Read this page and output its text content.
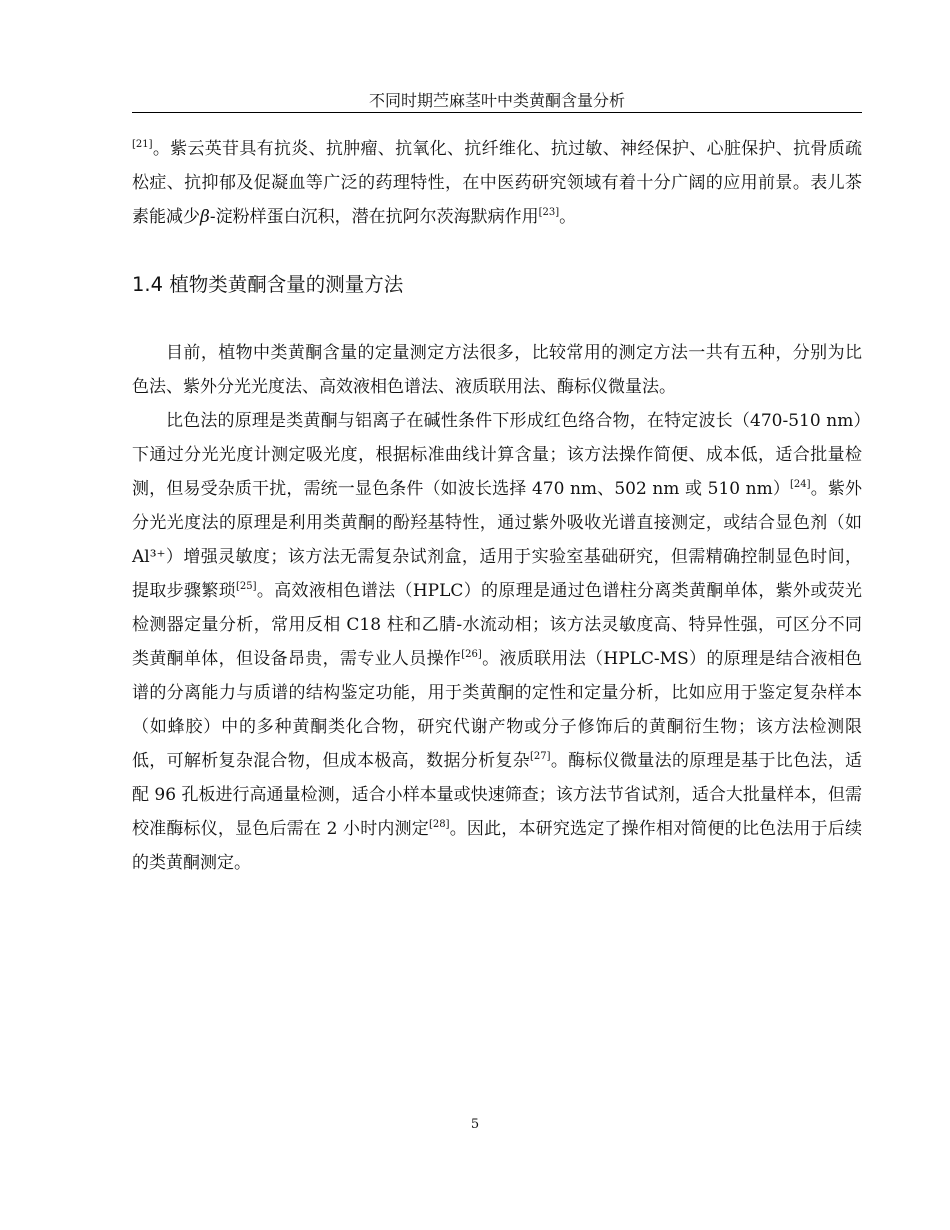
不同时期苎麻茎叶中类黄酮含量分析
[21]。紫云英苷具有抗炎、抗肿瘤、抗氧化、抗纤维化、抗过敏、神经保护、心脏保护、抗骨质疏松症、抗抑郁及促凝血等广泛的药理特性，在中医药研究领域有着十分广阔的应用前景。表儿茶素能减少β-淀粉样蛋白沉积，潜在抗阿尔茨海默病作用[23]。
1.4 植物类黄酮含量的测量方法
目前，植物中类黄酮含量的定量测定方法很多，比较常用的测定方法一共有五种，分别为比色法、紫外分光光度法、高效液相色谱法、液质联用法、酶标仪微量法。
比色法的原理是类黄酮与铝离子在碱性条件下形成红色络合物，在特定波长（470-510 nm）下通过分光光度计测定吸光度，根据标准曲线计算含量；该方法操作简便、成本低，适合批量检测，但易受杂质干扰，需统一显色条件（如波长选择 470 nm、502 nm 或 510 nm）[24]。紫外分光光度法的原理是利用类黄酮的酚羟基特性，通过紫外吸收光谱直接测定，或结合显色剂（如 Al³⁺）增强灵敏度；该方法无需复杂试剂盒，适用于实验室基础研究，但需精确控制显色时间，提取步骤繁琐[25]。高效液相色谱法（HPLC）的原理是通过色谱柱分离类黄酮单体，紫外或荧光检测器定量分析，常用反相 C18 柱和乙腈-水流动相；该方法灵敏度高、特异性强，可区分不同类黄酮单体，但设备昂贵，需专业人员操作[26]。液质联用法（HPLC-MS）的原理是结合液相色谱的分离能力与质谱的结构鉴定功能，用于类黄酮的定性和定量分析，比如应用于鉴定复杂样本（如蜂胶）中的多种黄酮类化合物，研究代谢产物或分子修饰后的黄酮衍生物；该方法检测限低，可解析复杂混合物，但成本极高，数据分析复杂[27]。酶标仪微量法的原理是基于比色法，适配 96 孔板进行高通量检测，适合小样本量或快速筛查；该方法节省试剂，适合大批量样本，但需校准酶标仪，显色后需在 2 小时内测定[28]。因此，本研究选定了操作相对简便的比色法用于后续的类黄酮测定。
5
